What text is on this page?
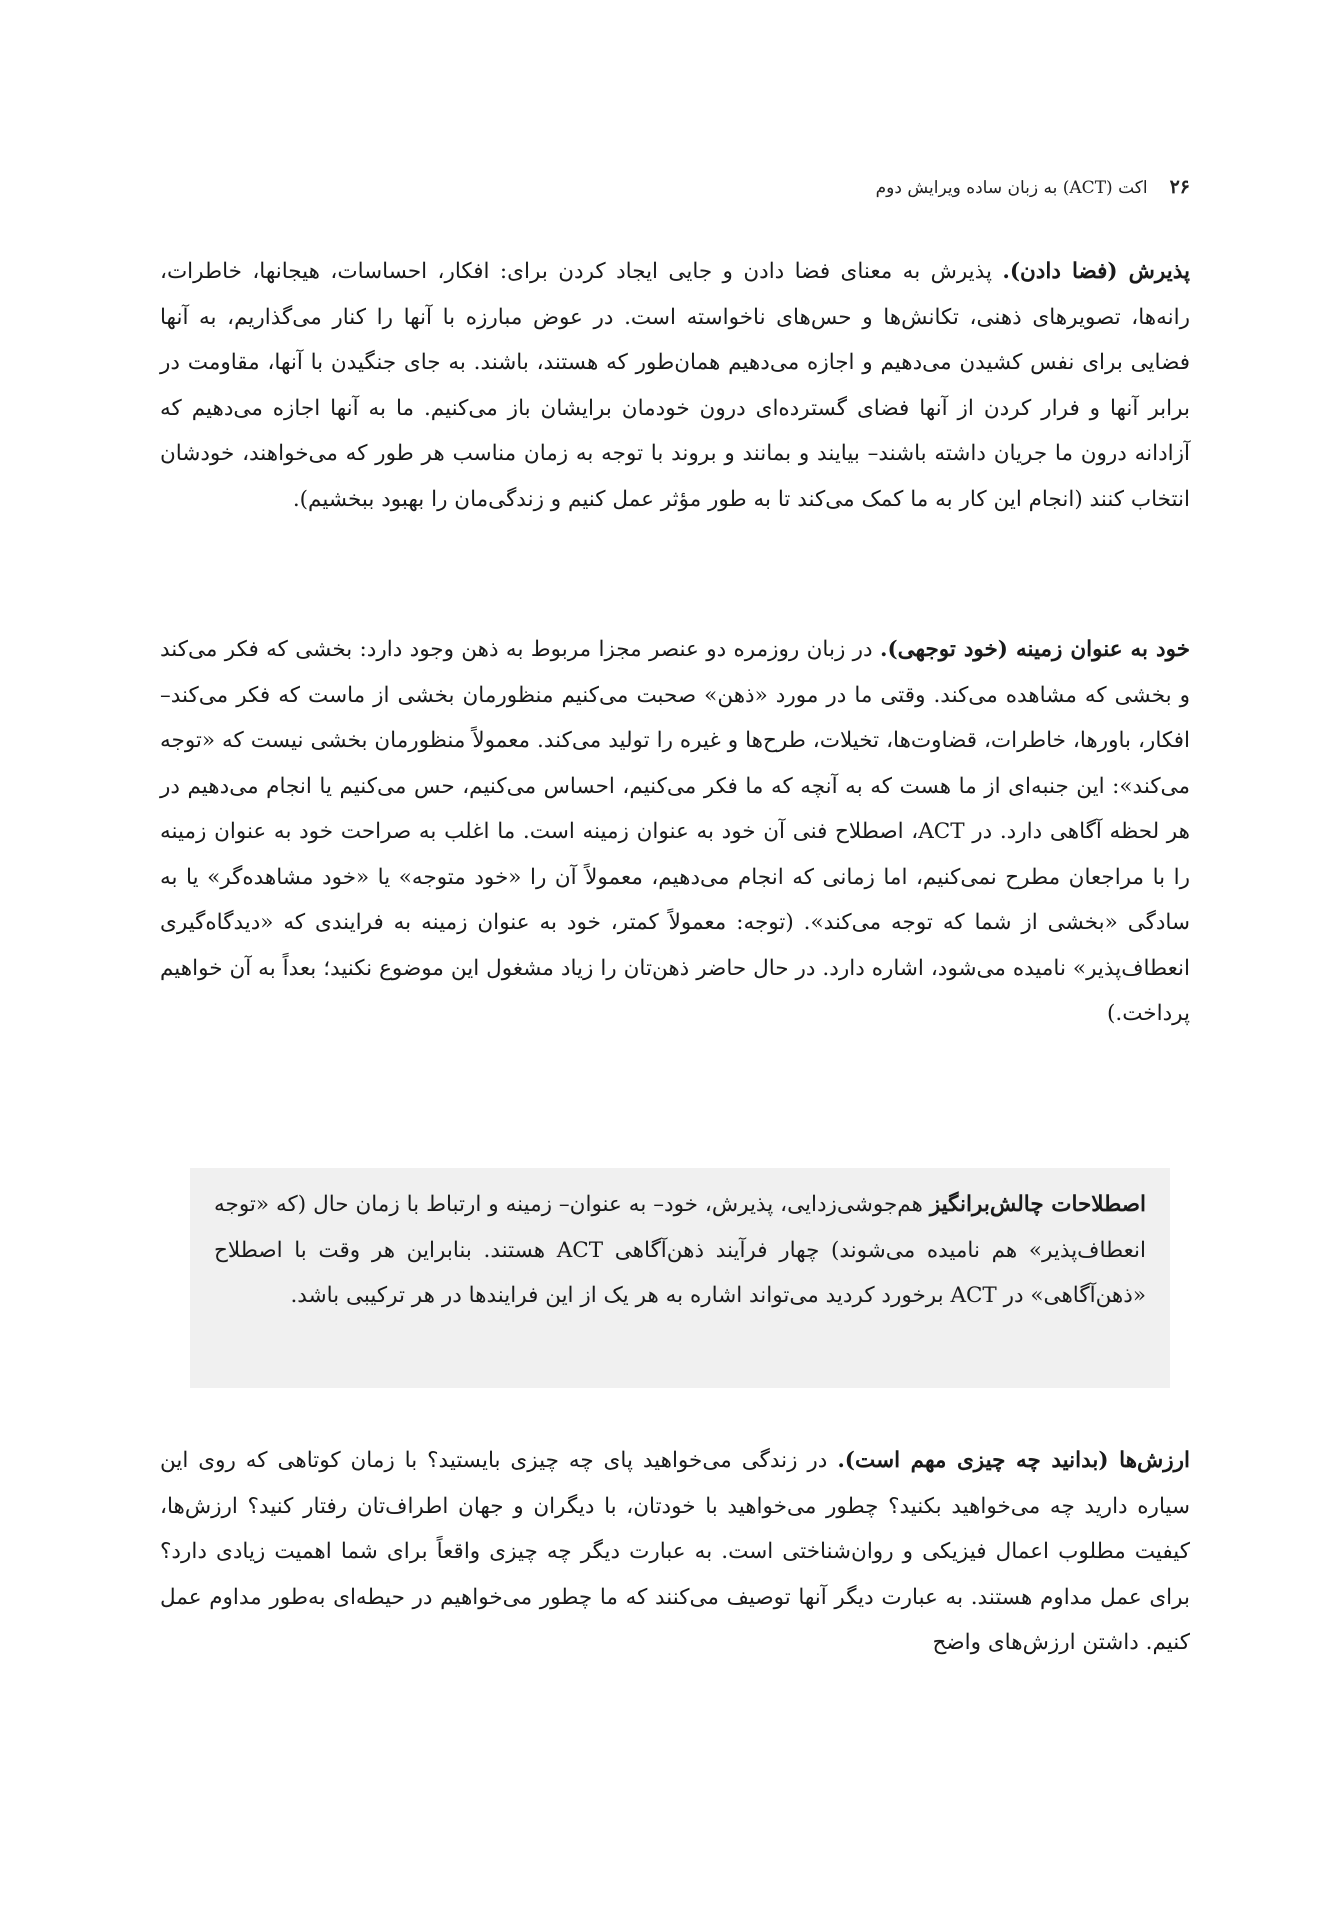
۲۶
اکت (ACT) به زبان ساده ویرایش دوم

پذیرش (فضا دادن). پذیرش به معنای فضا دادن و جایی ایجاد کردن برای: افکار، احساسات، هیجانها، خاطرات، رانه‌ها، تصویرهای ذهنی، تکانش‌ها و حس‌های ناخواسته است. در عوض مبارزه با آنها را کنار می‌گذاریم، به آنها فضایی برای نفس کشیدن می‌دهیم و اجازه می‌دهیم همان‌طور که هستند، باشند. به جای جنگیدن با آنها، مقاومت در برابر آنها و فرار کردن از آنها فضای گسترده‌ای درون خودمان برایشان باز می‌کنیم. ما به آنها اجازه می‌دهیم که آزادانه درون ما جریان داشته باشند– بیایند و بمانند و بروند با توجه به زمان مناسب هر طور که می‌خواهند، خودشان انتخاب کنند (انجام این کار به ما کمک می‌کند تا به طور مؤثر عمل کنیم و زندگی‌مان را بهبود ببخشیم).

خود به عنوان زمینه (خود توجهی). در زبان روزمره دو عنصر مجزا مربوط به ذهن وجود دارد: بخشی که فکر می‌کند و بخشی که مشاهده می‌کند. وقتی ما در مورد «ذهن» صحبت می‌کنیم منظورمان بخشی از ماست که فکر می‌کند– افکار، باورها، خاطرات، قضاوت‌ها، تخیلات، طرح‌ها و غیره را تولید می‌کند. معمولاً منظورمان بخشی نیست که «توجه می‌کند»: این جنبه‌ای از ما هست که به آنچه که ما فکر می‌کنیم، احساس می‌کنیم، حس می‌کنیم یا انجام می‌دهیم در هر لحظه آگاهی دارد. در ACT، اصطلاح فنی آن خود به عنوان زمینه است. ما اغلب به صراحت خود به عنوان زمینه را با مراجعان مطرح نمی‌کنیم، اما زمانی که انجام می‌دهیم، معمولاً آن را «خود متوجه» یا «خود مشاهده‌گر» یا به سادگی «بخشی از شما که توجه می‌کند». (توجه: معمولاً کمتر، خود به عنوان زمینه به فرایندی که «دیدگاه‌گیری انعطاف‌پذیر» نامیده می‌شود، اشاره دارد. در حال حاضر ذهن‌تان را زیاد مشغول این موضوع نکنید؛ بعداً به آن خواهیم پرداخت.)

اصطلاحات چالش‌برانگیز هم‌جوشی‌زدایی، پذیرش، خود– به عنوان– زمینه و ارتباط با زمان حال (که «توجه انعطاف‌پذیر» هم نامیده می‌شوند) چهار فرآیند ذهن‌آگاهی ACT هستند. بنابراین هر وقت با اصطلاح «ذهن‌آگاهی» در ACT برخورد کردید می‌تواند اشاره به هر یک از این فرایندها در هر ترکیبی باشد.

ارزش‌ها (بدانید چه چیزی مهم است). در زندگی می‌خواهید پای چه چیزی بایستید؟ با زمان کوتاهی که روی این سیاره دارید چه می‌خواهید بکنید؟ چطور می‌خواهید با خودتان، با دیگران و جهان اطراف‌تان رفتار کنید؟ ارزش‌ها، کیفیت مطلوب اعمال فیزیکی و روان‌شناختی است. به عبارت دیگر چه چیزی واقعاً برای شما اهمیت زیادی دارد؟ برای عمل مداوم هستند. به عبارت دیگر آنها توصیف می‌کنند که ما چطور می‌خواهیم در حیطه‌ای به‌طور مداوم عمل کنیم. داشتن ارزش‌های واضح
